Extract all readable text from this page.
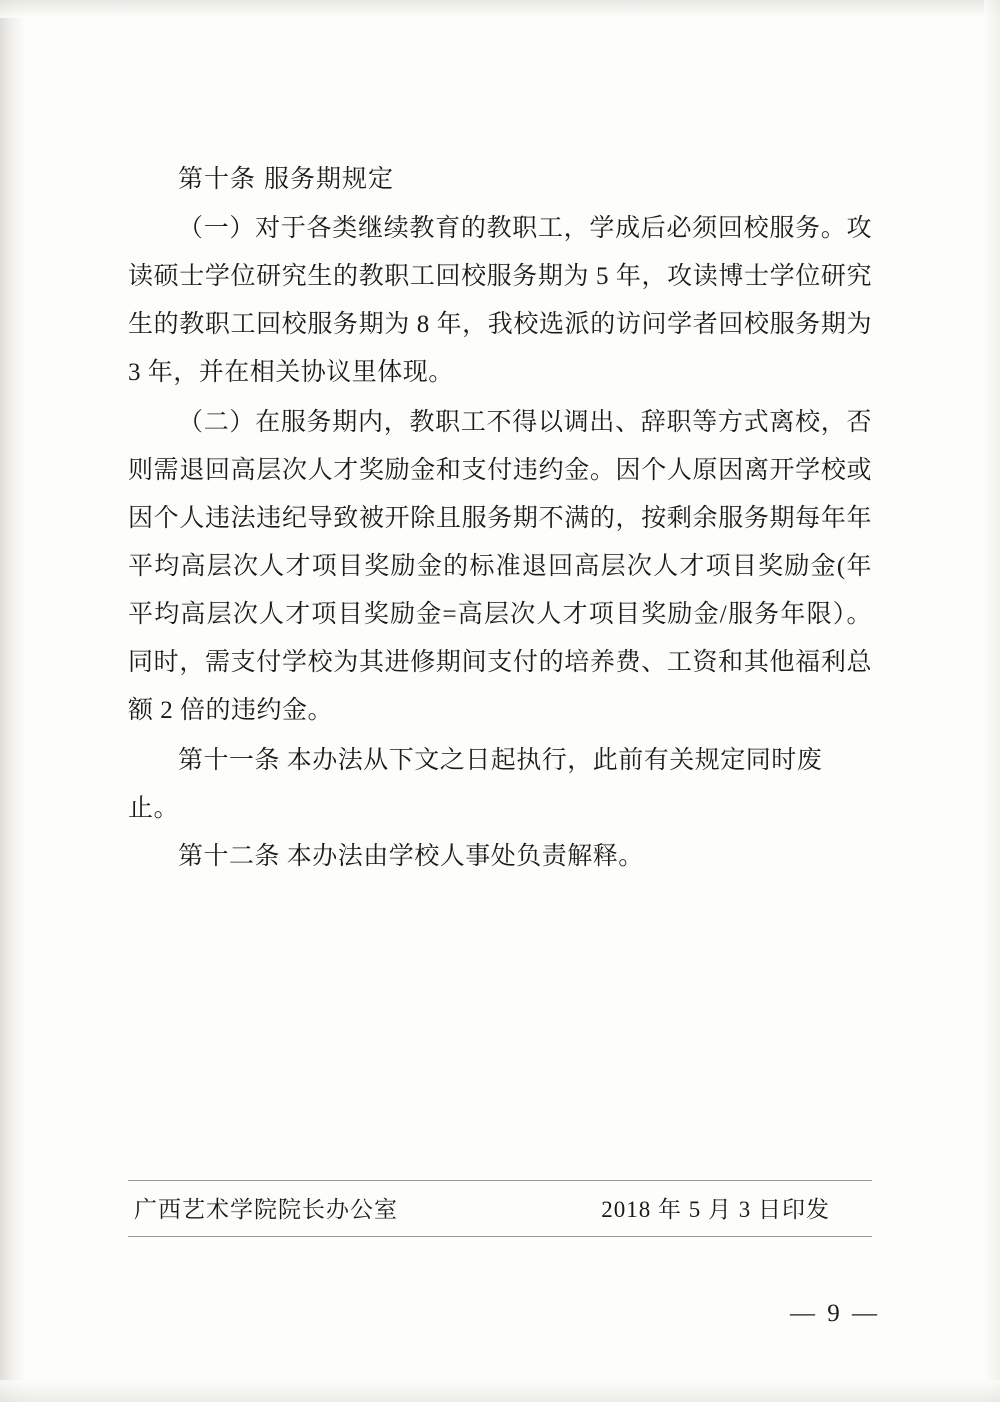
第十条 服务期规定

（一）对于各类继续教育的教职工，学成后必须回校服务。攻读硕士学位研究生的教职工回校服务期为 5 年，攻读博士学位研究生的教职工回校服务期为 8 年，我校选派的访问学者回校服务期为 3 年，并在相关协议里体现。

（二）在服务期内，教职工不得以调出、辞职等方式离校，否则需退回高层次人才奖励金和支付违约金。因个人原因离开学校或因个人违法违纪导致被开除且服务期不满的，按剩余服务期每年年平均高层次人才项目奖励金的标准退回高层次人才项目奖励金(年平均高层次人才项目奖励金=高层次人才项目奖励金/服务年限）。同时，需支付学校为其进修期间支付的培养费、工资和其他福利总额 2 倍的违约金。

第十一条 本办法从下文之日起执行，此前有关规定同时废止。

第十二条 本办法由学校人事处负责解释。

广西艺术学院院长办公室	2018 年 5 月 3 日印发
— 9 —
